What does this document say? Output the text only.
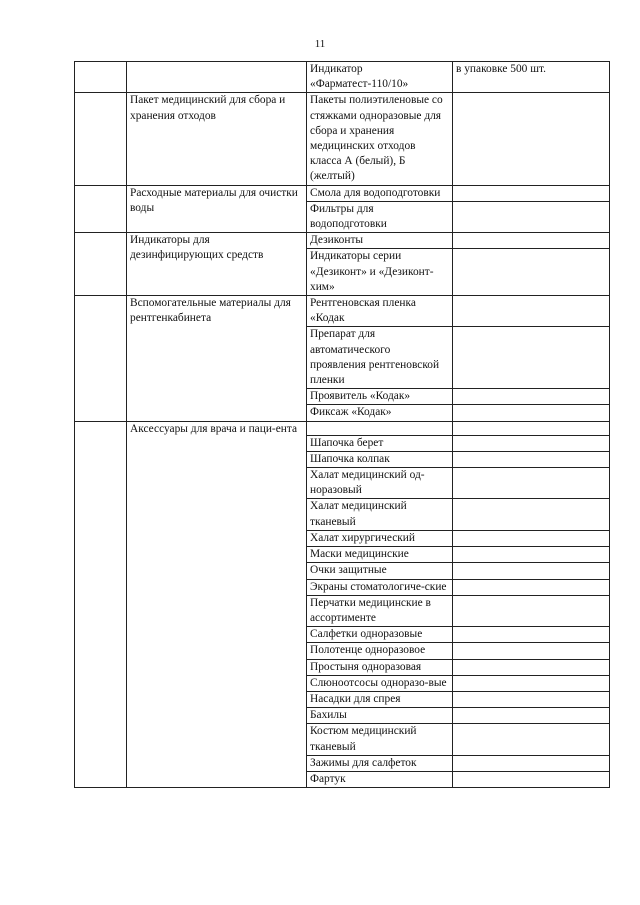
11
		Индикатор «Фарматест-110/10»	в упаковке 500 шт.
	Пакет медицинский для сбора и хранения отходов	Пакеты полиэтиленовые со стяжками одноразовые для сбора и хранения медицинских отходов класса А (белый), Б (желтый)	
	Расходные материалы для очистки воды	Смола для водоподготовки	
		Фильтры для водоподготовки	
	Индикаторы для дезинфицирующих средств	Дезиконты	
		Индикаторы серии «Дезиконт» и «Дезиконт-хим»	
	Вспомогательные материалы для рентгенкабинета	Рентгеновская пленка «Кодак	
		Препарат для автоматического проявления рентгеновской пленки	
		Проявитель «Кодак»	
		Фиксаж «Кодак»	
	Аксессуары для врача и паци-ента		
		Шапочка берет	
		Шапочка колпак	
		Халат медицинский од-норазовый	
		Халат медицинский тканевый	
		Халат хирургический	
		Маски медицинские	
		Очки защитные	
		Экраны стоматологиче-ские	
		Перчатки медицинские в ассортименте	
		Салфетки одноразовые	
		Полотенце одноразовое	
		Простыня одноразовая	
		Слюноотсосы одноразо-вые	
		Насадки для спрея	
		Бахилы	
		Костюм медицинский тканевый	
		Зажимы для салфеток	
		Фартук	
